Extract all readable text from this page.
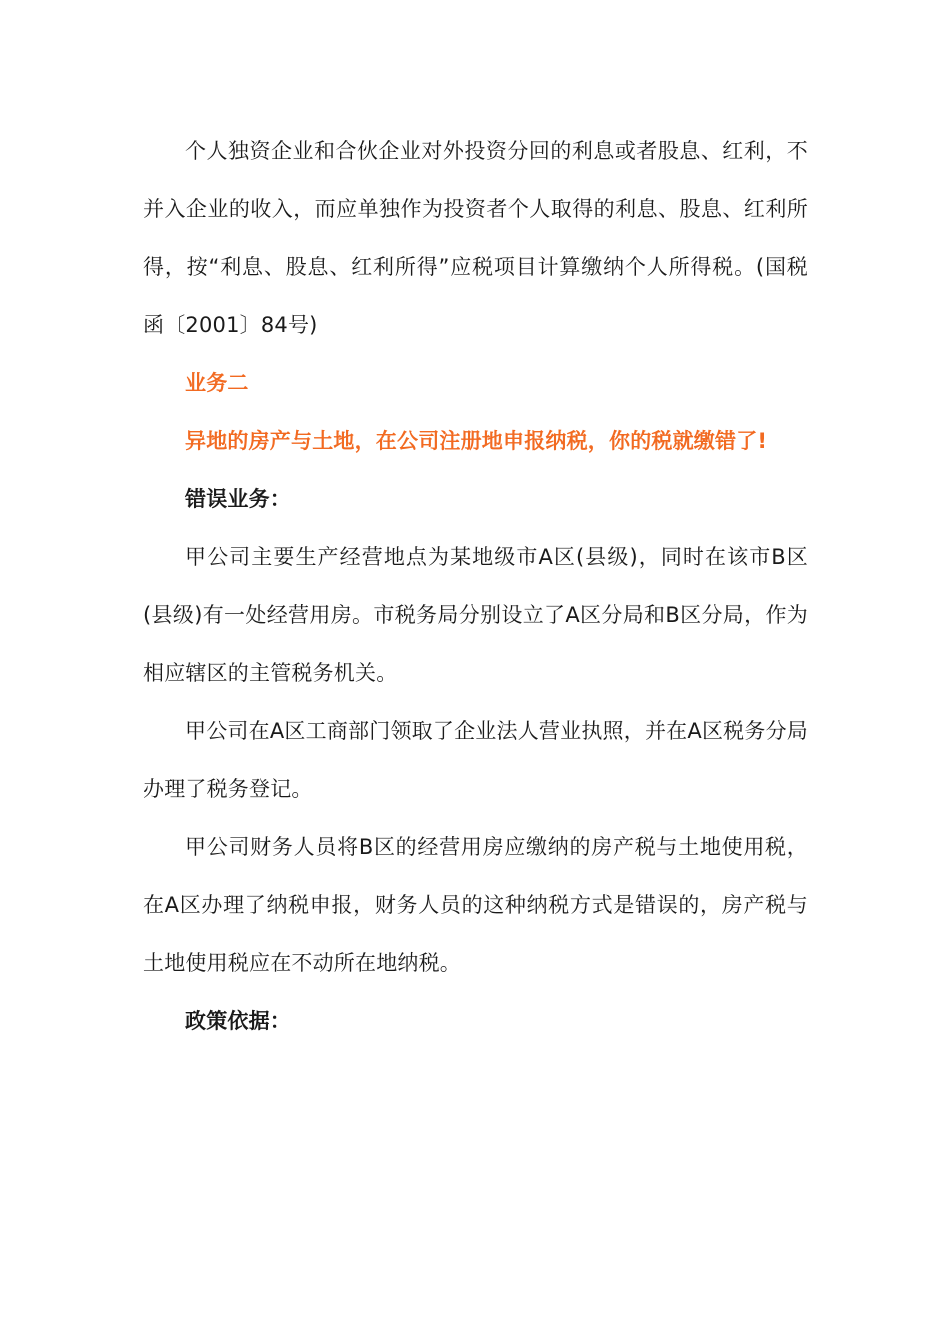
个人独资企业和合伙企业对外投资分回的利息或者股息、红利，不并入企业的收入，而应单独作为投资者个人取得的利息、股息、红利所得，按“利息、股息、红利所得”应税项目计算缴纳个人所得税。(国税函〔2001〕84号)

业务二

异地的房产与土地，在公司注册地申报纳税，你的税就缴错了!

错误业务：

甲公司主要生产经营地点为某地级市A区(县级)，同时在该市B区(县级)有一处经营用房。市税务局分别设立了A区分局和B区分局，作为相应辖区的主管税务机关。

甲公司在A区工商部门领取了企业法人营业执照，并在A区税务分局办理了税务登记。

甲公司财务人员将B区的经营用房应缴纳的房产税与土地使用税，在A区办理了纳税申报，财务人员的这种纳税方式是错误的，房产税与土地使用税应在不动所在地纳税。

政策依据：
